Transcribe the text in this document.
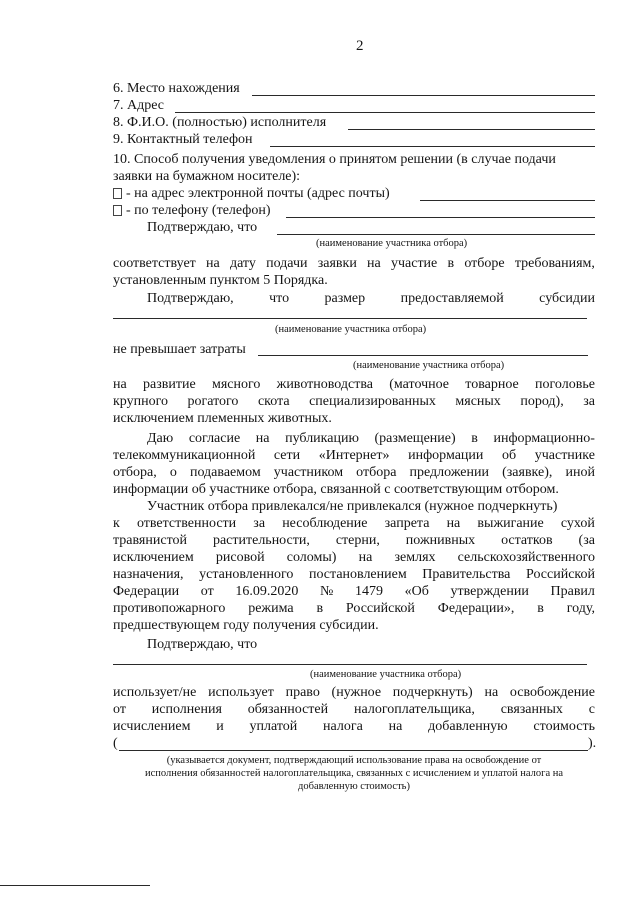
2
6. Место нахождения
7. Адрес
8. Ф.И.О. (полностью) исполнителя
9. Контактный телефон
10. Способ получения уведомления о принятом решении (в случае подачи
заявки на бумажном носителе):
- на адрес электронной почты (адрес почты)
- по телефону (телефон)
Подтверждаю, что
(наименование участника отбора)
соответствует на дату подачи заявки на участие в отборе требованиям,
установленным пунктом 5 Порядка.
Подтверждаю,	что	размер	предоставляемой	субсидии
(наименование участника отбора)
не превышает затраты
(наименование участника отбора)
на развитие мясного животноводства (маточное товарное поголовье
крупного рогатого скота специализированных мясных пород), за
исключением племенных животных.
Даю согласие на публикацию (размещение) в информационно-
телекоммуникационной сети «Интернет» информации об участнике
отбора, о подаваемом участником отбора предложении (заявке), иной
информации об участнике отбора, связанной с соответствующим отбором.
Участник отбора привлекался/не привлекался (нужное подчеркнуть)
к ответственности за несоблюдение запрета на выжигание сухой
травянистой растительности, стерни, пожнивных остатков (за
исключением рисовой соломы) на землях сельскохозяйственного
назначения, установленного постановлением Правительства Российской
Федерации от 16.09.2020 № 1479 «Об утверждении Правил
противопожарного режима в Российской Федерации», в году,
предшествующем году получения субсидии.
Подтверждаю, что
(наименование участника отбора)
использует/не использует право (нужное подчеркнуть) на освобождение
от исполнения обязанностей налогоплательщика, связанных с
исчислением и уплатой налога на добавленную стоимость
(	).
(указывается документ, подтверждающий использование права на освобождение от
исполнения обязанностей налогоплательщика, связанных с исчислением и уплатой налога на
добавленную стоимость)
